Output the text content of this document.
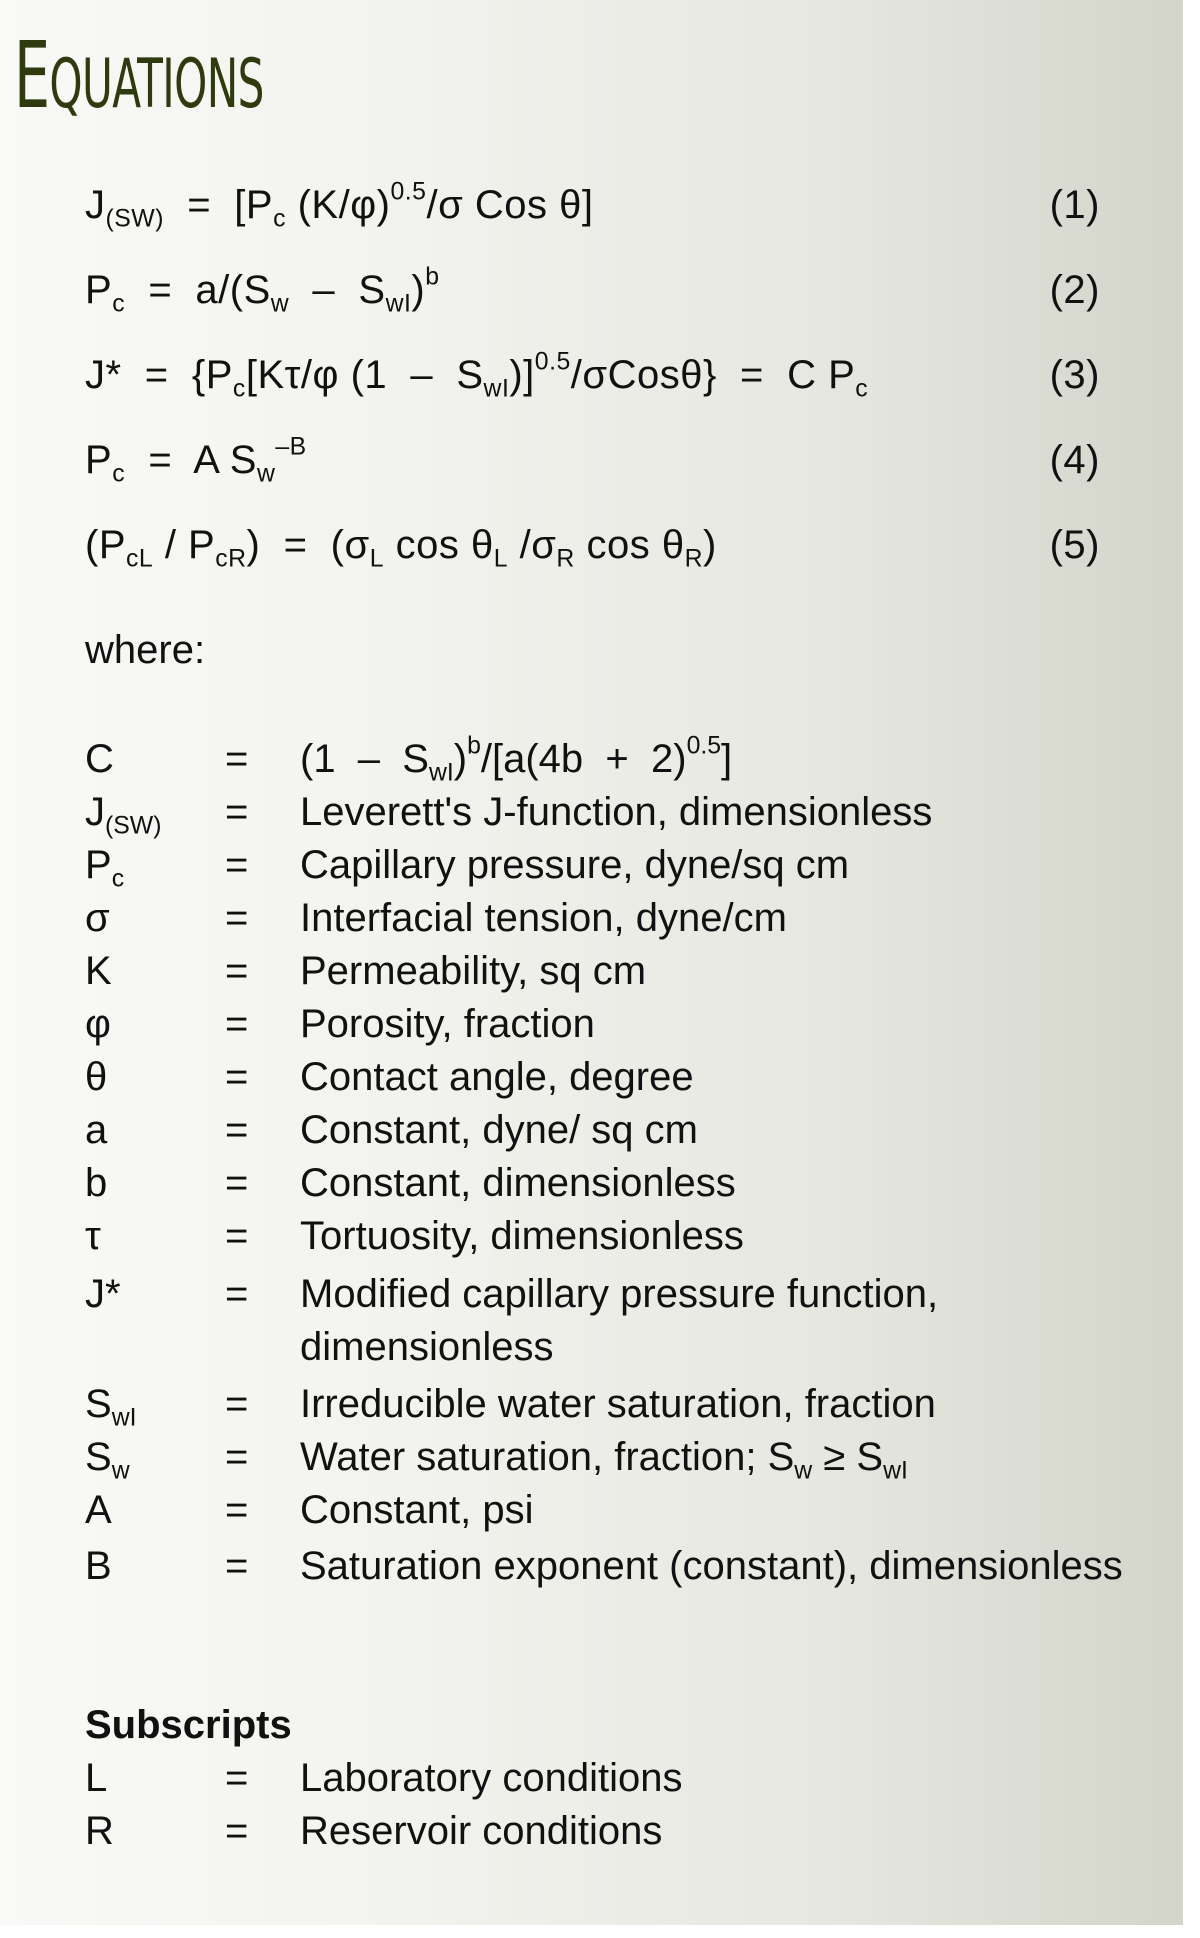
EQUATIONS
$J_{(SW)} = [P_c$ $(K/\varphi)^{0.5}/\sigma$ Cos θ]	(1)
$P_c = a/(S_w - S_{wI})^b$	(2)
$J* = \{P_c[K\tau/\varphi$ $(1 - S_{wI})]^{0.5}/\sigma Cos\theta\} = C$ $P_c$	(3)
$P_c = A$ $S_w^{-B}$	(4)
$(P_{cL} / P_{cR}) = (\sigma_L$ $\cos \theta_L$ $/\sigma_R$ $\cos \theta_R$)	(5)
where:
C	= $(1 - S_{wI})^b/[a(4b + 2)^{0.5}]$
$J_{(SW)}$ = Leverett's J-function, dimensionless
$P_c$	= Capillary pressure, dyne/sq cm
σ	= Interfacial tension, dyne/cm
K	= Permeability, sq cm
φ	= Porosity, fraction
θ	= Contact angle, degree
a	= Constant, dyne/ sq cm
b	= Constant, dimensionless
τ	= Tortuosity, dimensionless
J*	= Modified capillary pressure function, dimensionless
$S_{wI}$ = Irreducible water saturation, fraction
$S_w$ = Water saturation, fraction; $S_w \ge S_{wI}$
A	= Constant, psi
B	= Saturation exponent (constant), dimensionless
Subscripts
L	= Laboratory conditions
R	= Reservoir conditions
